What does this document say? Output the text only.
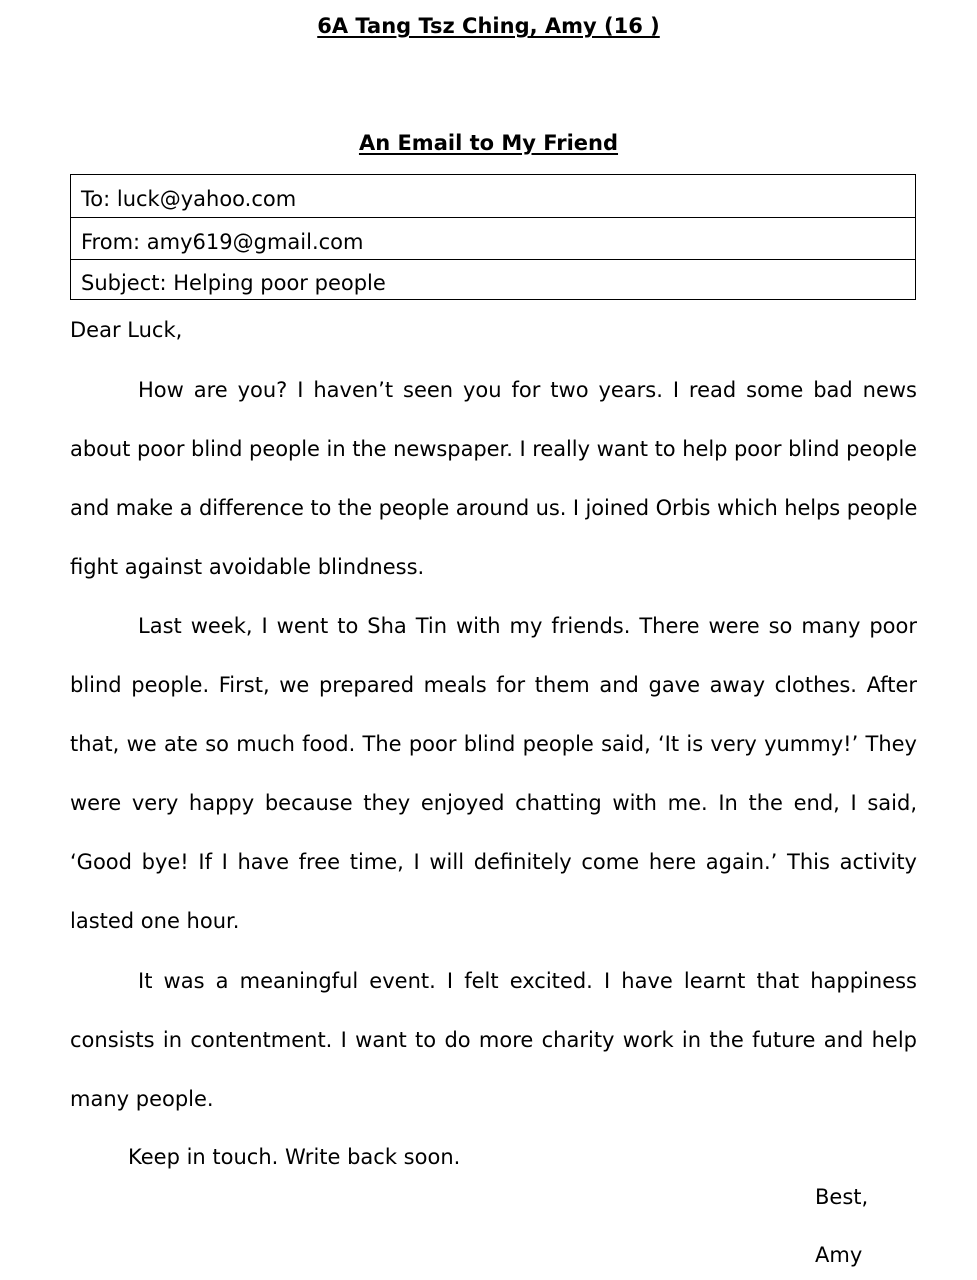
6A Tang Tsz Ching, Amy (16 )
An Email to My Friend
To: luck@yahoo.com
From: amy619@gmail.com
Subject: Helping poor people

Dear Luck,

How are you? I haven’t seen you for two years. I read some bad news
about poor blind people in the newspaper. I really want to help poor blind people
and make a difference to the people around us. I joined Orbis which helps people
fight against avoidable blindness.
Last week, I went to Sha Tin with my friends. There were so many poor
blind people. First, we prepared meals for them and gave away clothes. After
that, we ate so much food. The poor blind people said, ‘It is very yummy!’ They
were very happy because they enjoyed chatting with me. In the end, I said,
‘Good bye! If I have free time, I will definitely come here again.’ This activity
lasted one hour.
It was a meaningful event. I felt excited. I have learnt that happiness
consists in contentment. I want to do more charity work in the future and help
many people.

Keep in touch. Write back soon.

Best,

Amy
